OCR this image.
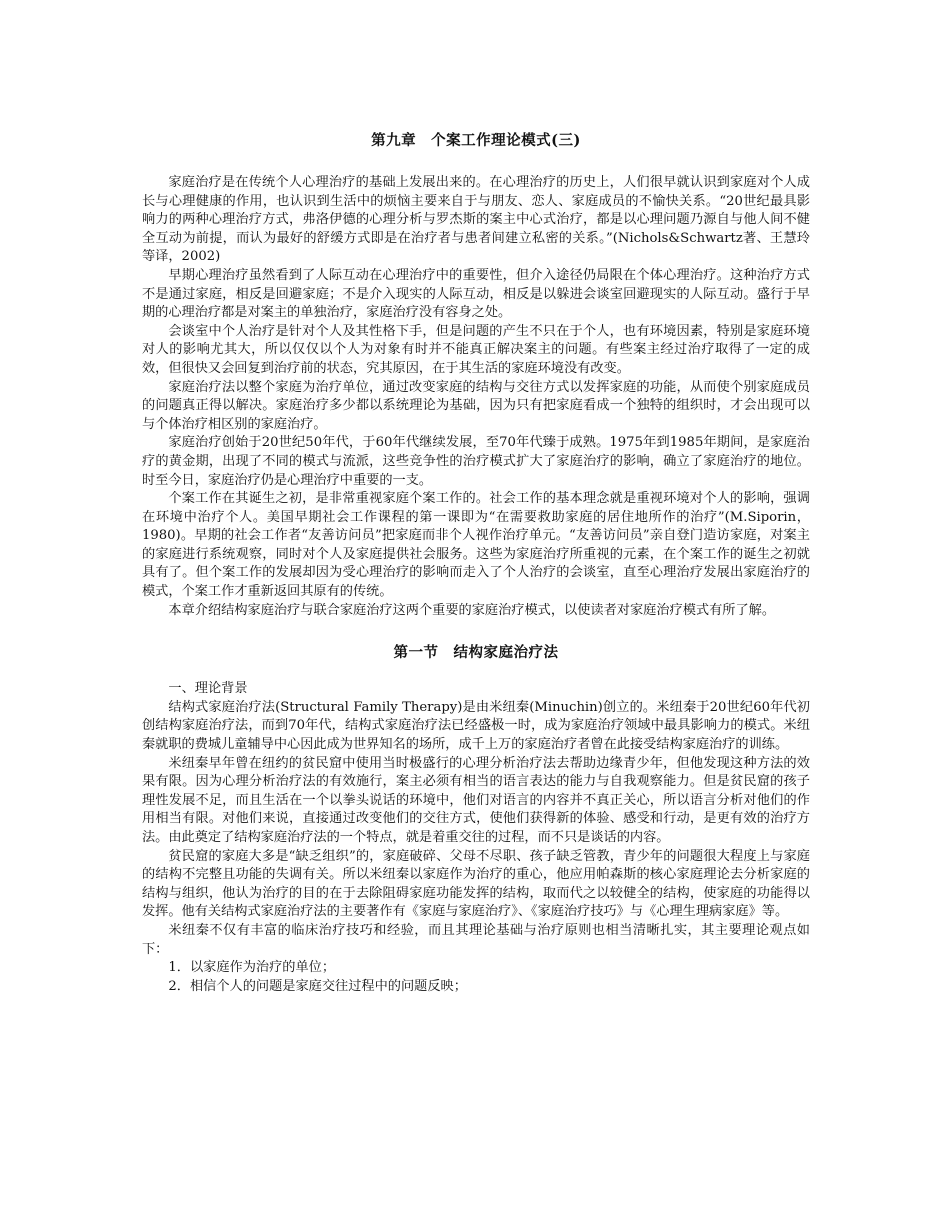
第九章　个案工作理论模式(三)

家庭治疗是在传统个人心理治疗的基础上发展出来的。在心理治疗的历史上，人们很早就认识到家庭对个人成长与心理健康的作用，也认识到生活中的烦恼主要来自于与朋友、恋人、家庭成员的不愉快关系。“20世纪最具影响力的两种心理治疗方式，弗洛伊德的心理分析与罗杰斯的案主中心式治疗，都是以心理问题乃源自与他人间不健全互动为前提，而认为最好的舒缓方式即是在治疗者与患者间建立私密的关系。”(Nichols&Schwartz著、王慧玲等译，2002)

早期心理治疗虽然看到了人际互动在心理治疗中的重要性，但介入途径仍局限在个体心理治疗。这种治疗方式不是通过家庭，相反是回避家庭；不是介入现实的人际互动，相反是以躲进会谈室回避现实的人际互动。盛行于早期的心理治疗都是对案主的单独治疗，家庭治疗没有容身之处。

会谈室中个人治疗是针对个人及其性格下手，但是问题的产生不只在于个人，也有环境因素，特别是家庭环境对人的影响尤其大，所以仅仅以个人为对象有时并不能真正解决案主的问题。有些案主经过治疗取得了一定的成效，但很快又会回复到治疗前的状态，究其原因，在于其生活的家庭环境没有改变。

家庭治疗法以整个家庭为治疗单位，通过改变家庭的结构与交往方式以发挥家庭的功能，从而使个别家庭成员的问题真正得以解决。家庭治疗多少都以系统理论为基础，因为只有把家庭看成一个独特的组织时，才会出现可以与个体治疗相区别的家庭治疗。

家庭治疗创始于20世纪50年代，于60年代继续发展，至70年代臻于成熟。1975年到1985年期间，是家庭治疗的黄金期，出现了不同的模式与流派，这些竞争性的治疗模式扩大了家庭治疗的影响，确立了家庭治疗的地位。时至今日，家庭治疗仍是心理治疗中重要的一支。

个案工作在其诞生之初，是非常重视家庭个案工作的。社会工作的基本理念就是重视环境对个人的影响，强调在环境中治疗个人。美国早期社会工作课程的第一课即为“在需要救助家庭的居住地所作的治疗”(M.Siporin，1980)。早期的社会工作者“友善访问员”把家庭而非个人视作治疗单元。“友善访问员”亲自登门造访家庭，对案主的家庭进行系统观察，同时对个人及家庭提供社会服务。这些为家庭治疗所重视的元素，在个案工作的诞生之初就具有了。但个案工作的发展却因为受心理治疗的影响而走入了个人治疗的会谈室，直至心理治疗发展出家庭治疗的模式，个案工作才重新返回其原有的传统。

本章介绍结构家庭治疗与联合家庭治疗这两个重要的家庭治疗模式，以使读者对家庭治疗模式有所了解。

第一节　结构家庭治疗法

一、理论背景

结构式家庭治疗法(Structural Family Therapy)是由米纽秦(Minuchin)创立的。米纽秦于20世纪60年代初创结构家庭治疗法，而到70年代，结构式家庭治疗法已经盛极一时，成为家庭治疗领域中最具影响力的模式。米纽秦就职的费城儿童辅导中心因此成为世界知名的场所，成千上万的家庭治疗者曾在此接受结构家庭治疗的训练。

米纽秦早年曾在纽约的贫民窟中使用当时极盛行的心理分析治疗法去帮助边缘青少年，但他发现这种方法的效果有限。因为心理分析治疗法的有效施行，案主必须有相当的语言表达的能力与自我观察能力。但是贫民窟的孩子理性发展不足，而且生活在一个以拳头说话的环境中，他们对语言的内容并不真正关心，所以语言分析对他们的作用相当有限。对他们来说，直接通过改变他们的交往方式，使他们获得新的体验、感受和行动，是更有效的治疗方法。由此奠定了结构家庭治疗法的一个特点，就是着重交往的过程，而不只是谈话的内容。

贫民窟的家庭大多是“缺乏组织”的，家庭破碎、父母不尽职、孩子缺乏管教，青少年的问题很大程度上与家庭的结构不完整且功能的失调有关。所以米纽秦以家庭作为治疗的重心，他应用帕森斯的核心家庭理论去分析家庭的结构与组织，他认为治疗的目的在于去除阻碍家庭功能发挥的结构，取而代之以较健全的结构，使家庭的功能得以发挥。他有关结构式家庭治疗法的主要著作有《家庭与家庭治疗》、《家庭治疗技巧》与《心理生理病家庭》等。

米纽秦不仅有丰富的临床治疗技巧和经验，而且其理论基础与治疗原则也相当清晰扎实，其主要理论观点如下：

1．以家庭作为治疗的单位；

2．相信个人的问题是家庭交往过程中的问题反映；
